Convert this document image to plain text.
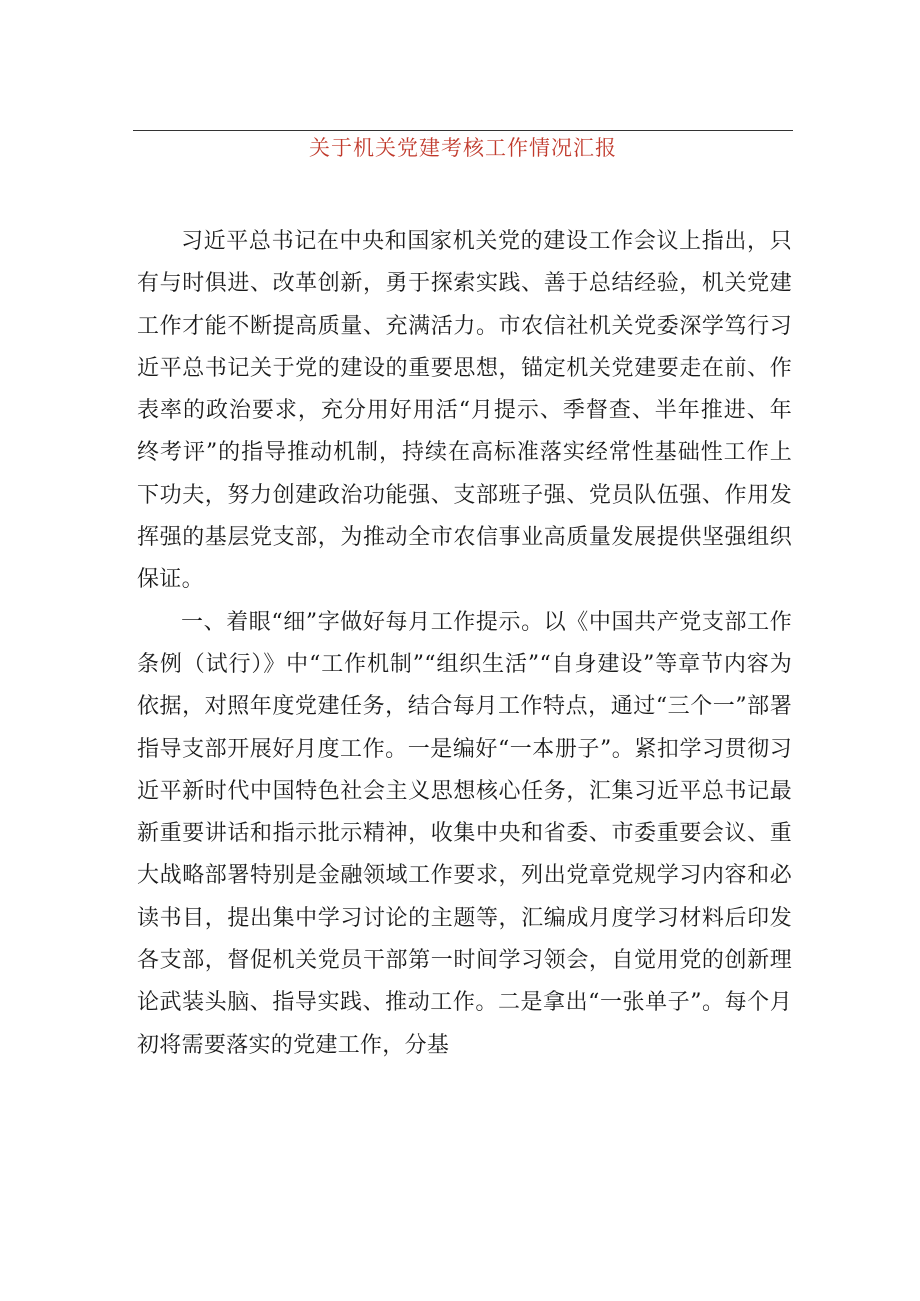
关于机关党建考核工作情况汇报

习近平总书记在中央和国家机关党的建设工作会议上指出，只有与时俱进、改革创新，勇于探索实践、善于总结经验，机关党建工作才能不断提高质量、充满活力。市农信社机关党委深学笃行习近平总书记关于党的建设的重要思想，锚定机关党建要走在前、作表率的政治要求，充分用好用活“月提示、季督查、半年推进、年终考评”的指导推动机制，持续在高标准落实经常性基础性工作上下功夫，努力创建政治功能强、支部班子强、党员队伍强、作用发挥强的基层党支部，为推动全市农信事业高质量发展提供坚强组织保证。

一、着眼“细”字做好每月工作提示。以《中国共产党支部工作条例（试行）》中“工作机制”“组织生活”“自身建设”等章节内容为依据，对照年度党建任务，结合每月工作特点，通过“三个一”部署指导支部开展好月度工作。一是编好“一本册子”。紧扣学习贯彻习近平新时代中国特色社会主义思想核心任务，汇集习近平总书记最新重要讲话和指示批示精神，收集中央和省委、市委重要会议、重大战略部署特别是金融领域工作要求，列出党章党规学习内容和必读书目，提出集中学习讨论的主题等，汇编成月度学习材料后印发各支部，督促机关党员干部第一时间学习领会，自觉用党的创新理论武装头脑、指导实践、推动工作。二是拿出“一张单子”。每个月初将需要落实的党建工作，分基
